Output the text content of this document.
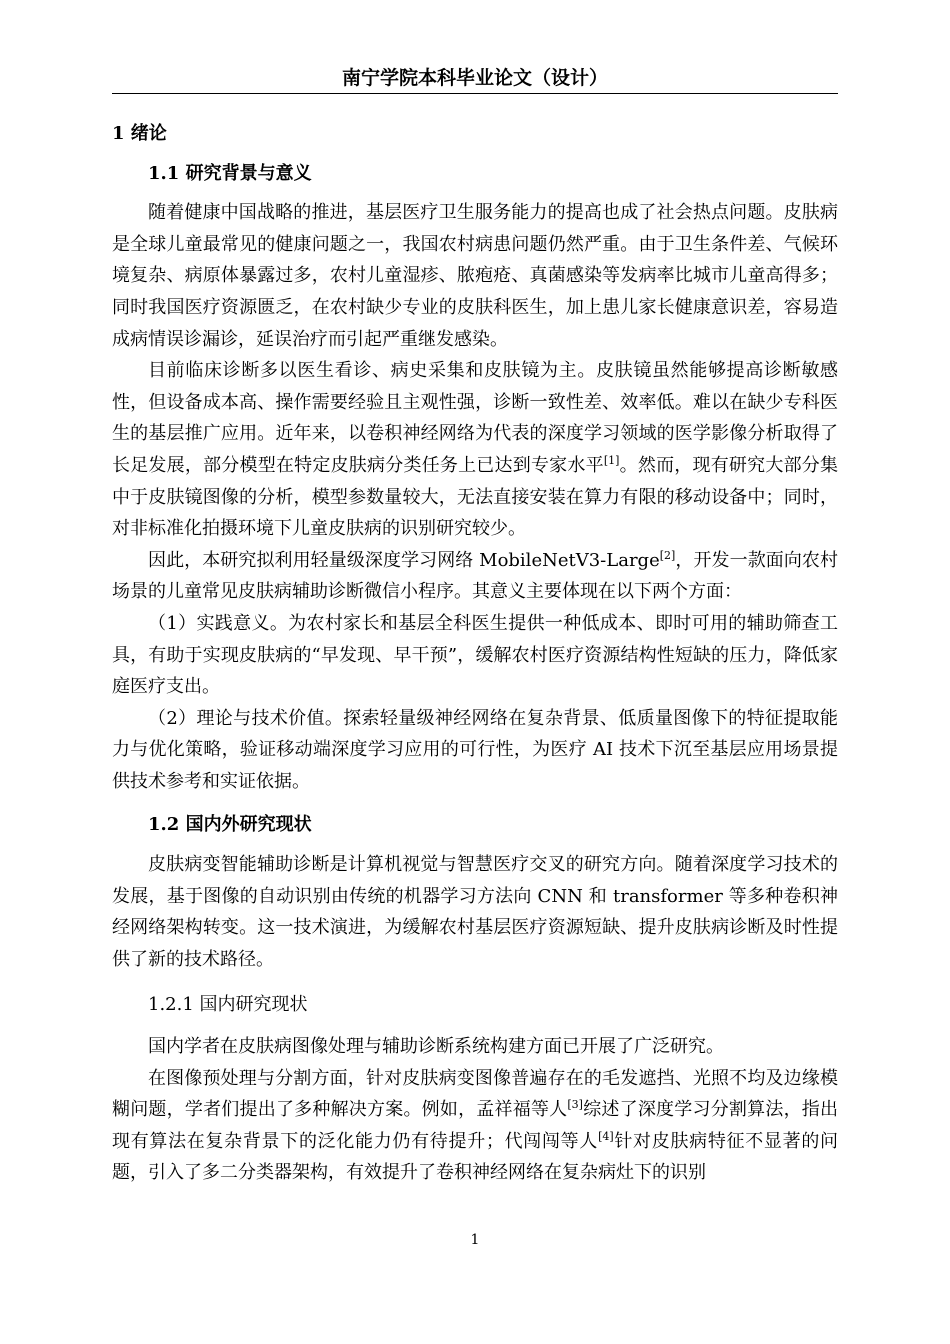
南宁学院本科毕业论文（设计）
1 绪论
1.1 研究背景与意义

随着健康中国战略的推进，基层医疗卫生服务能力的提高也成了社会热点问题。皮肤病是全球儿童最常见的健康问题之一，我国农村病患问题仍然严重。由于卫生条件差、气候环境复杂、病原体暴露过多，农村儿童湿疹、脓疱疮、真菌感染等发病率比城市儿童高得多；同时我国医疗资源匮乏，在农村缺少专业的皮肤科医生，加上患儿家长健康意识差，容易造成病情误诊漏诊，延误治疗而引起严重继发感染。

目前临床诊断多以医生看诊、病史采集和皮肤镜为主。皮肤镜虽然能够提高诊断敏感性，但设备成本高、操作需要经验且主观性强，诊断一致性差、效率低。难以在缺少专科医生的基层推广应用。近年来，以卷积神经网络为代表的深度学习领域的医学影像分析取得了长足发展，部分模型在特定皮肤病分类任务上已达到专家水平[1]。然而，现有研究大部分集中于皮肤镜图像的分析，模型参数量较大，无法直接安装在算力有限的移动设备中；同时，对非标准化拍摄环境下儿童皮肤病的识别研究较少。

因此，本研究拟利用轻量级深度学习网络 MobileNetV3-Large[2]，开发一款面向农村场景的儿童常见皮肤病辅助诊断微信小程序。其意义主要体现在以下两个方面：

（1）实践意义。为农村家长和基层全科医生提供一种低成本、即时可用的辅助筛查工具，有助于实现皮肤病的“早发现、早干预”，缓解农村医疗资源结构性短缺的压力，降低家庭医疗支出。

（2）理论与技术价值。探索轻量级神经网络在复杂背景、低质量图像下的特征提取能力与优化策略，验证移动端深度学习应用的可行性，为医疗 AI 技术下沉至基层应用场景提供技术参考和实证依据。

1.2 国内外研究现状

皮肤病变智能辅助诊断是计算机视觉与智慧医疗交叉的研究方向。随着深度学习技术的发展，基于图像的自动识别由传统的机器学习方法向 CNN 和 transformer 等多种卷积神经网络架构转变。这一技术演进，为缓解农村基层医疗资源短缺、提升皮肤病诊断及时性提供了新的技术路径。

1.2.1 国内研究现状

国内学者在皮肤病图像处理与辅助诊断系统构建方面已开展了广泛研究。

在图像预处理与分割方面，针对皮肤病变图像普遍存在的毛发遮挡、光照不均及边缘模糊问题，学者们提出了多种解决方案。例如，孟祥福等人[3]综述了深度学习分割算法，指出现有算法在复杂背景下的泛化能力仍有待提升；代闯闯等人[4]针对皮肤病特征不显著的问题，引入了多二分类器架构，有效提升了卷积神经网络在复杂病灶下的识别

1
